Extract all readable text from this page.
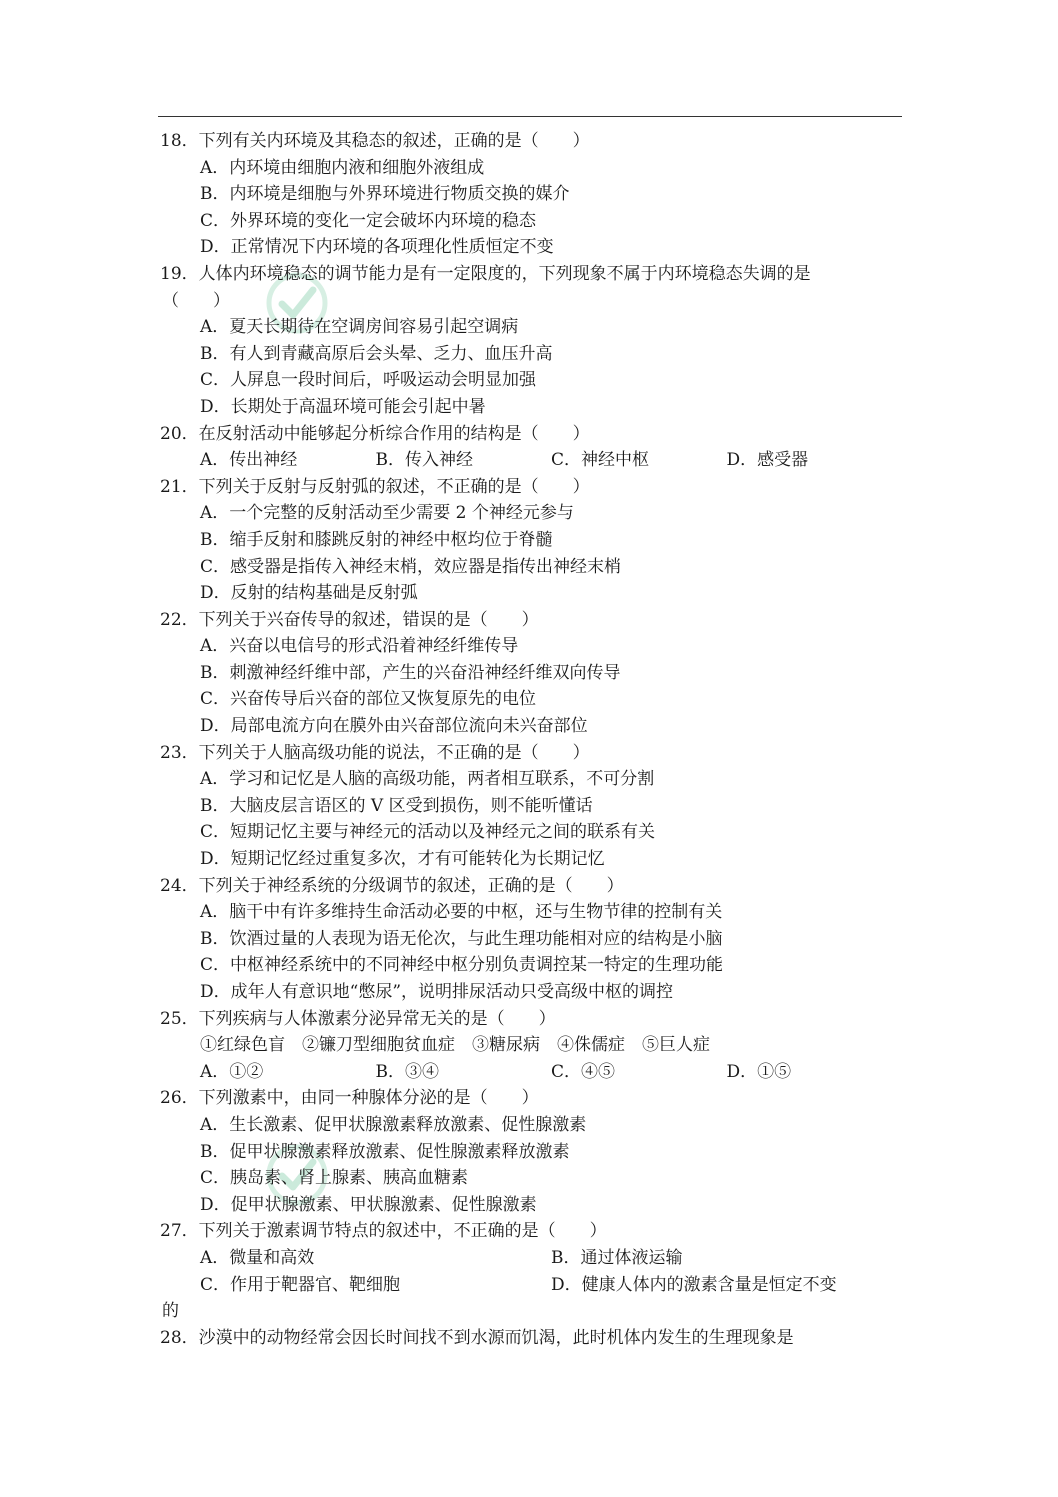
18．下列有关内环境及其稳态的叙述，正确的是（　　）
A．内环境由细胞内液和细胞外液组成
B．内环境是细胞与外界环境进行物质交换的媒介
C．外界环境的变化一定会破坏内环境的稳态
D．正常情况下内环境的各项理化性质恒定不变
19．人体内环境稳态的调节能力是有一定限度的，下列现象不属于内环境稳态失调的是
（　　）
A．夏天长期待在空调房间容易引起空调病
B．有人到青藏高原后会头晕、乏力、血压升高
C．人屏息一段时间后，呼吸运动会明显加强
D．长期处于高温环境可能会引起中暑
20．在反射活动中能够起分析综合作用的结构是（　　）
A．传出神经	B．传入神经	C．神经中枢	D．感受器
21．下列关于反射与反射弧的叙述，不正确的是（　　）
A．一个完整的反射活动至少需要 2 个神经元参与
B．缩手反射和膝跳反射的神经中枢均位于脊髓
C．感受器是指传入神经末梢，效应器是指传出神经末梢
D．反射的结构基础是反射弧
22．下列关于兴奋传导的叙述，错误的是（　　）
A．兴奋以电信号的形式沿着神经纤维传导
B．刺激神经纤维中部，产生的兴奋沿神经纤维双向传导
C．兴奋传导后兴奋的部位又恢复原先的电位
D．局部电流方向在膜外由兴奋部位流向未兴奋部位
23．下列关于人脑高级功能的说法，不正确的是（　　）
A．学习和记忆是人脑的高级功能，两者相互联系，不可分割
B．大脑皮层言语区的 V 区受到损伤，则不能听懂话
C．短期记忆主要与神经元的活动以及神经元之间的联系有关
D．短期记忆经过重复多次，才有可能转化为长期记忆
24．下列关于神经系统的分级调节的叙述，正确的是（　　）
A．脑干中有许多维持生命活动必要的中枢，还与生物节律的控制有关
B．饮酒过量的人表现为语无伦次，与此生理功能相对应的结构是小脑
C．中枢神经系统中的不同神经中枢分别负责调控某一特定的生理功能
D．成年人有意识地“憋尿”，说明排尿活动只受高级中枢的调控
25．下列疾病与人体激素分泌异常无关的是（　　）
①红绿色盲　②镰刀型细胞贫血症　③糖尿病　④侏儒症　⑤巨人症
A．①②	B．③④	C．④⑤	D．①⑤
26．下列激素中，由同一种腺体分泌的是（　　）
A．生长激素、促甲状腺激素释放激素、促性腺激素
B．促甲状腺激素释放激素、促性腺激素释放激素
C．胰岛素、肾上腺素、胰高血糖素
D．促甲状腺激素、甲状腺激素、促性腺激素
27．下列关于激素调节特点的叙述中，不正确的是（　　）
A．微量和高效	B．通过体液运输
C．作用于靶器官、靶细胞	D．健康人体内的激素含量是恒定不变
的
28．沙漠中的动物经常会因长时间找不到水源而饥渴，此时机体内发生的生理现象是
